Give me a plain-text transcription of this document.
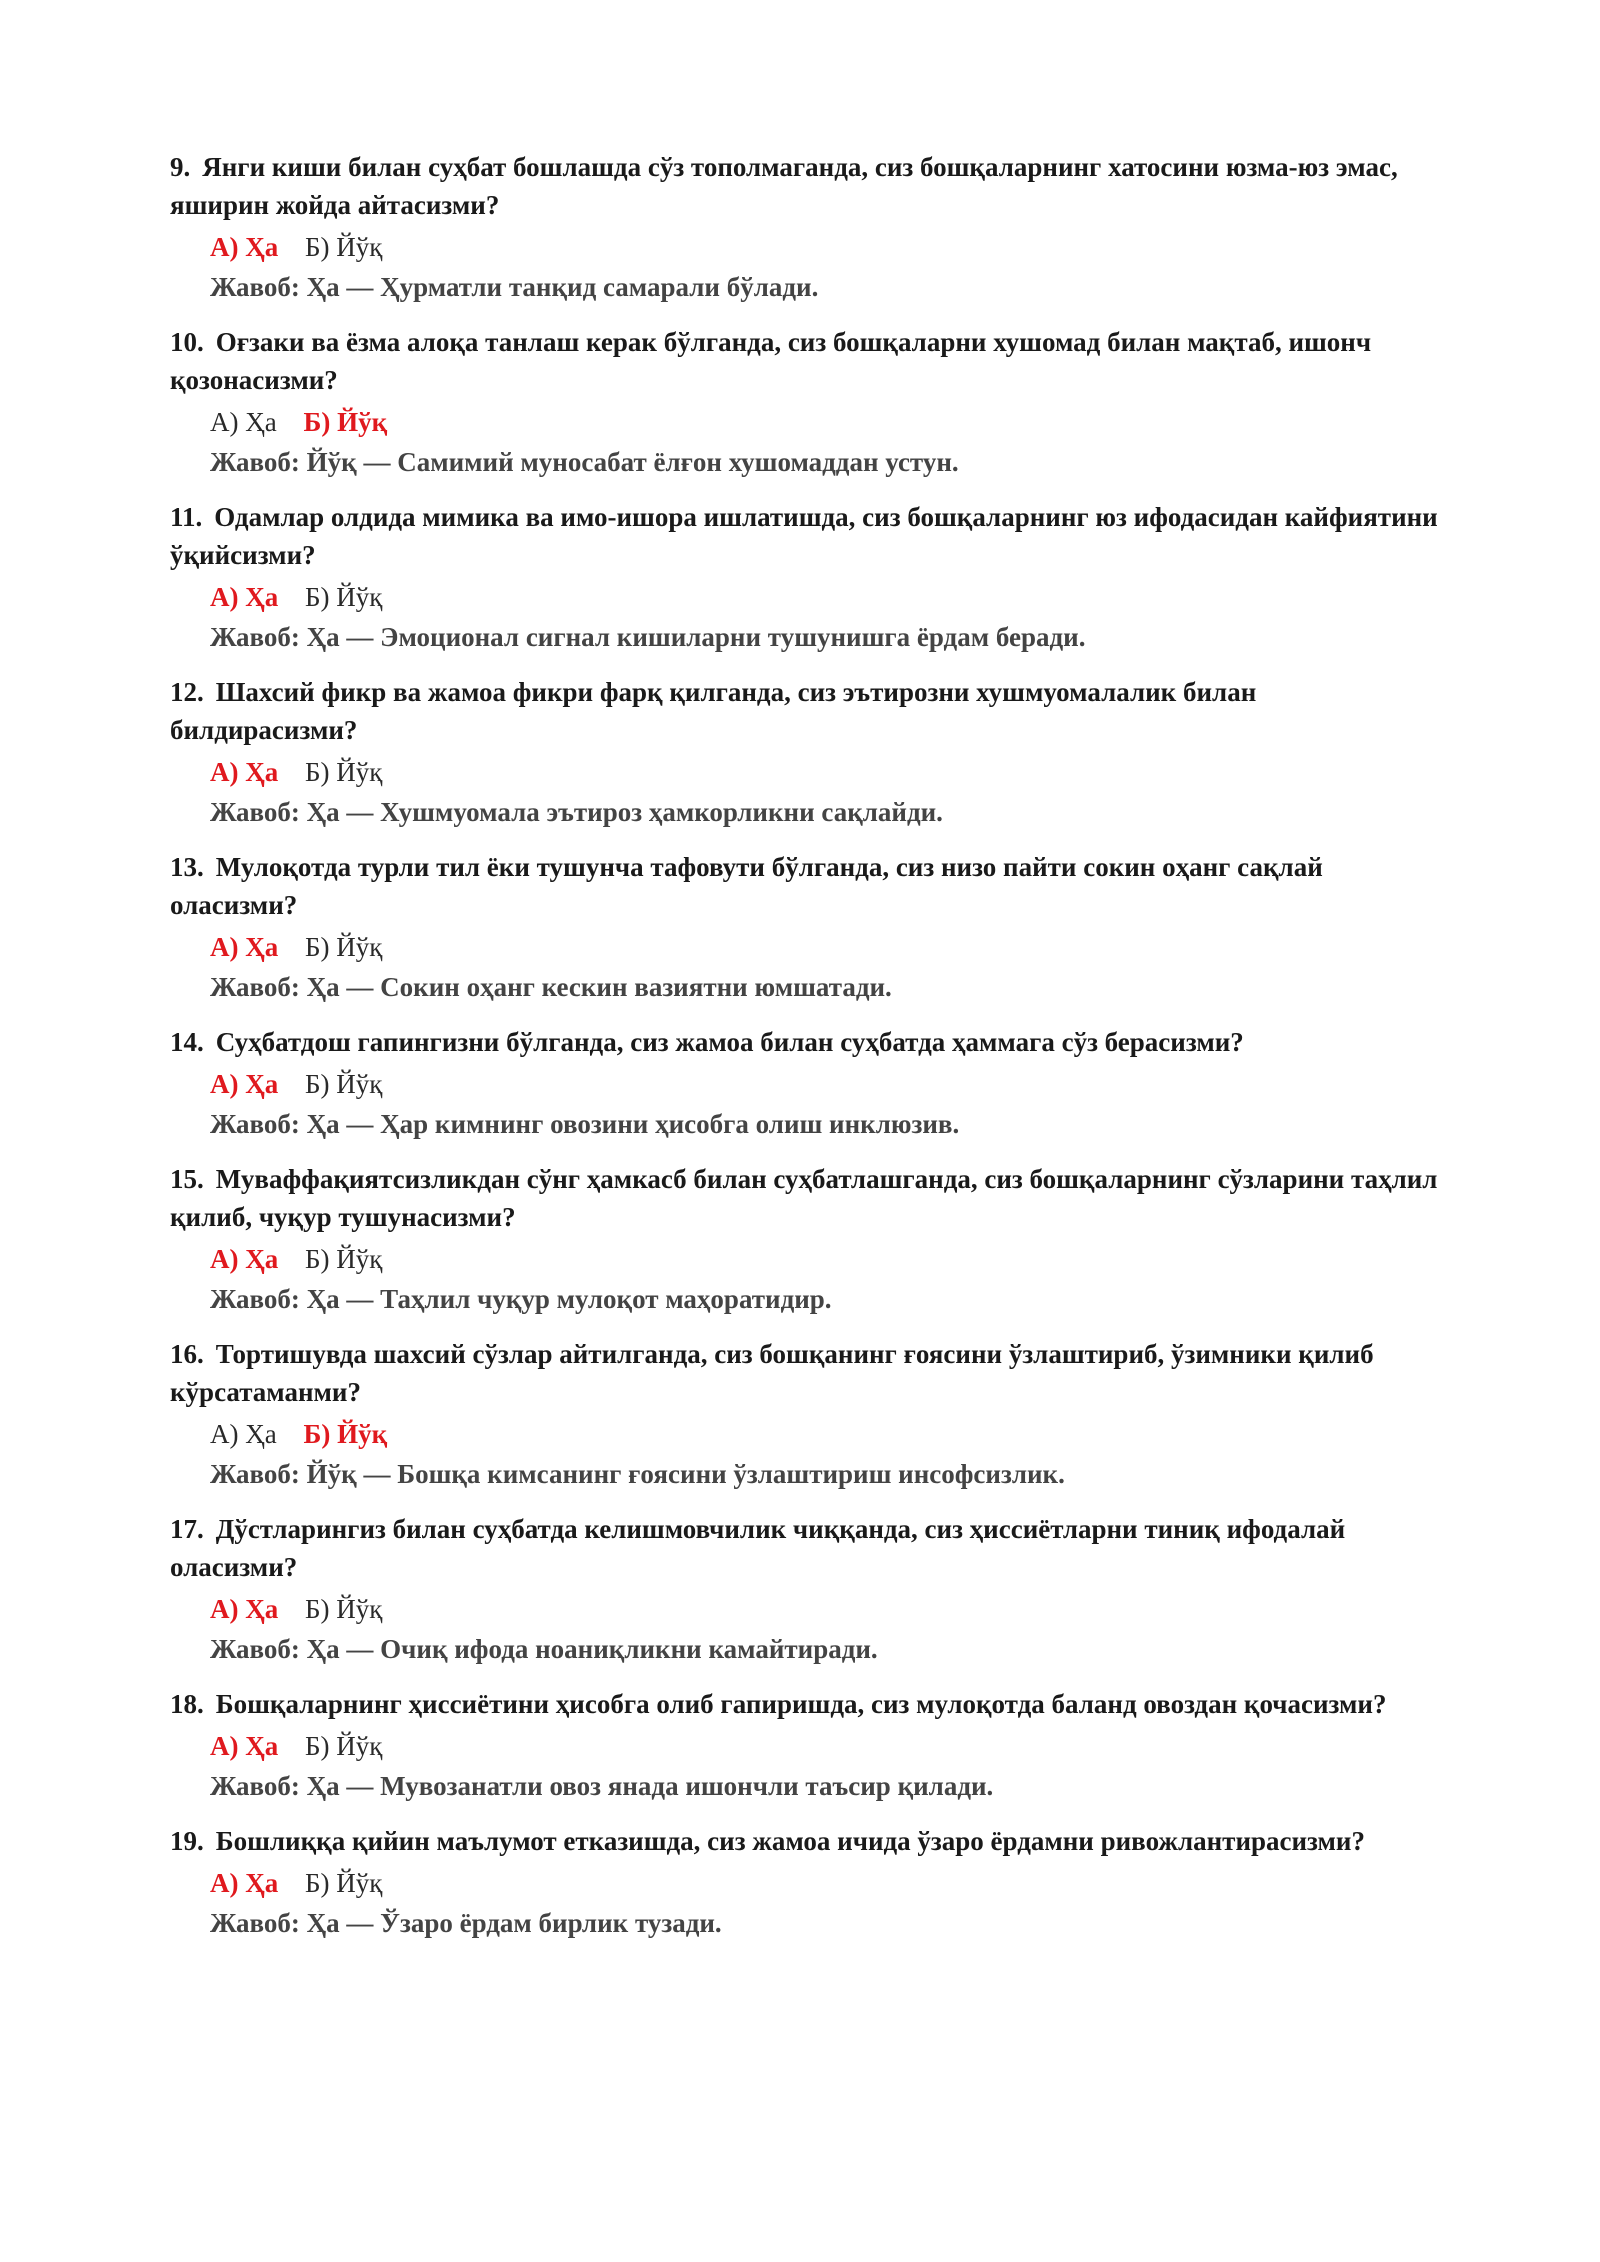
9. Янги киши билан суҳбат бошлашда сўз тополмаганда, сиз бошқаларнинг хатосини юзма-юз эмас, яширин жойда айтасизми?
А) Ҳа Б) Йўқ
Жавоб: Ҳа — Ҳурматли танқид самарали бўлади.
10. Оғзаки ва ёзма алоқа танлаш керак бўлганда, сиз бошқаларни хушомад билан мақтаб, ишонч қозонасизми?
А) Ҳа Б) Йўқ
Жавоб: Йўқ — Самимий муносабат ёлғон хушомаддан устун.
11. Одамлар олдида мимика ва имо-ишора ишлатишда, сиз бошқаларнинг юз ифодасидан кайфиятини ўқийсизми?
А) Ҳа Б) Йўқ
Жавоб: Ҳа — Эмоционал сигнал кишиларни тушунишга ёрдам беради.
12. Шахсий фикр ва жамоа фикри фарқ қилганда, сиз эътирозни хушмуомалалик билан билдирасизми?
А) Ҳа Б) Йўқ
Жавоб: Ҳа — Хушмуомала эътироз ҳамкорликни сақлайди.
13. Мулоқотда турли тил ёки тушунча тафовути бўлганда, сиз низо пайти сокин оҳанг сақлай оласизми?
А) Ҳа Б) Йўқ
Жавоб: Ҳа — Сокин оҳанг кескин вазиятни юмшатади.
14. Суҳбатдош гапингизни бўлганда, сиз жамоа билан суҳбатда ҳаммага сўз берасизми?
А) Ҳа Б) Йўқ
Жавоб: Ҳа — Ҳар кимнинг овозини ҳисобга олиш инклюзив.
15. Муваффақиятсизликдан сўнг ҳамкасб билан суҳбатлашганда, сиз бошқаларнинг сўзларини таҳлил қилиб, чуқур тушунасизми?
А) Ҳа Б) Йўқ
Жавоб: Ҳа — Таҳлил чуқур мулоқот маҳоратидир.
16. Тортишувда шахсий сўзлар айтилганда, сиз бошқанинг ғоясини ўзлаштириб, ўзимники қилиб кўрсатаманми?
А) Ҳа Б) Йўқ
Жавоб: Йўқ — Бошқа кимсанинг ғоясини ўзлаштириш инсофсизлик.
17. Дўстларингиз билан суҳбатда келишмовчилик чиққанда, сиз ҳиссиётларни тиниқ ифодалай оласизми?
А) Ҳа Б) Йўқ
Жавоб: Ҳа — Очиқ ифода ноаниқликни камайтиради.
18. Бошқаларнинг ҳиссиётини ҳисобга олиб гапиришда, сиз мулоқотда баланд овоздан қочасизми?
А) Ҳа Б) Йўқ
Жавоб: Ҳа — Мувозанатли овоз янада ишончли таъсир қилади.
19. Бошлиққа қийин маълумот етказишда, сиз жамоа ичида ўзаро ёрдамни ривожлантирасизми?
А) Ҳа Б) Йўқ
Жавоб: Ҳа — Ўзаро ёрдам бирлик тузади.
